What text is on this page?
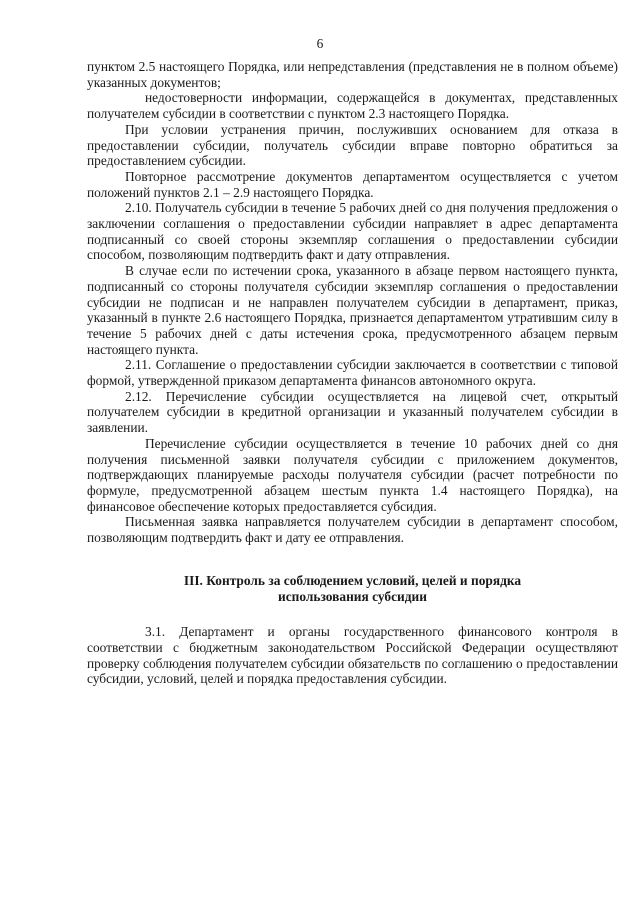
6

пунктом 2.5 настоящего Порядка, или непредставления (представления не в полном объеме) указанных документов;

недостоверности информации, содержащейся в документах, представленных получателем субсидии в соответствии с пунктом 2.3 настоящего Порядка.

При условии устранения причин, послуживших основанием для отказа в предоставлении субсидии, получатель субсидии вправе повторно обратиться за предоставлением субсидии.

Повторное рассмотрение документов департаментом осуществляется с учетом положений пунктов 2.1 – 2.9 настоящего Порядка.

2.10. Получатель субсидии в течение 5 рабочих дней со дня получения предложения о заключении соглашения о предоставлении субсидии направляет в адрес департамента подписанный со своей стороны экземпляр соглашения о предоставлении субсидии способом, позволяющим подтвердить факт и дату отправления.

В случае если по истечении срока, указанного в абзаце первом настоящего пункта, подписанный со стороны получателя субсидии экземпляр соглашения о предоставлении субсидии не подписан и не направлен получателем субсидии в департамент, приказ, указанный в пункте 2.6 настоящего Порядка, признается департаментом утратившим силу в течение 5 рабочих дней с даты истечения срока, предусмотренного абзацем первым настоящего пункта.

2.11. Соглашение о предоставлении субсидии заключается в соответствии с типовой формой, утвержденной приказом департамента финансов автономного округа.

2.12. Перечисление субсидии осуществляется на лицевой счет, открытый получателем субсидии в кредитной организации и указанный получателем субсидии в заявлении.

Перечисление субсидии осуществляется в течение 10 рабочих дней со дня получения письменной заявки получателя субсидии с приложением документов, подтверждающих планируемые расходы получателя субсидии (расчет потребности по формуле, предусмотренной абзацем шестым пункта 1.4 настоящего Порядка), на финансовое обеспечение которых предоставляется субсидия.

Письменная заявка направляется получателем субсидии в департамент способом, позволяющим подтвердить факт и дату ее отправления.

III. Контроль за соблюдением условий, целей и порядка

использования субсидии

3.1. Департамент и органы государственного финансового контроля в соответствии с бюджетным законодательством Российской Федерации осуществляют проверку соблюдения получателем субсидии обязательств по соглашению о предоставлении субсидии, условий, целей и порядка предоставления субсидии.
